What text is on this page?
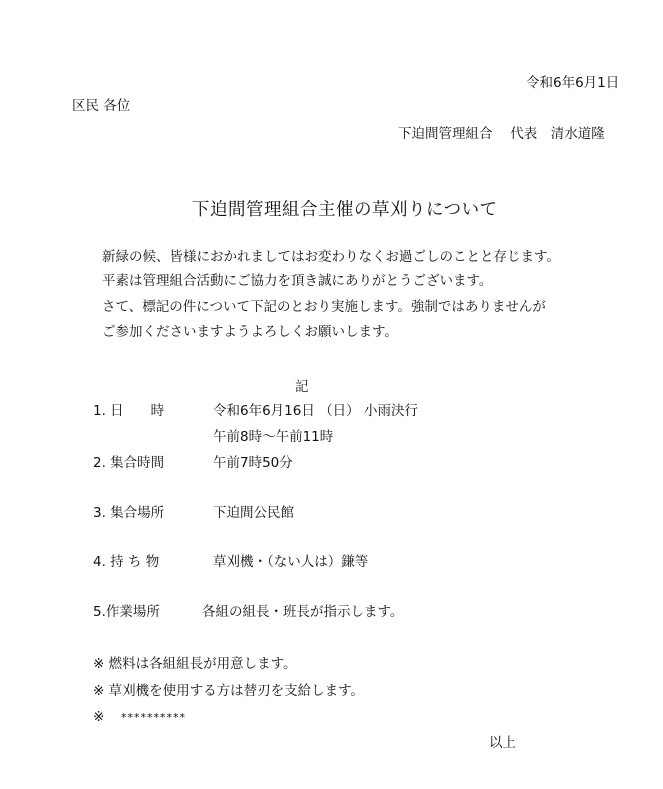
令和6年6月1日
区民 各位
下迫間管理組合　 代表　清水道隆
下迫間管理組合主催の草刈りについて
新緑の候、皆様におかれましてはお変わりなくお過ごしのことと存じます。
平素は管理組合活動にご協力を頂き誠にありがとうございます。
さて、標記の件について下記のとおり実施します。強制ではありませんが
ご参加くださいますようよろしくお願いします。
記
1. 日　　時	令和6年6月16日 （日） 小雨決行
午前8時～午前11時
2. 集合時間	午前7時50分
3. 集合場所	下迫間公民館
4. 持 ち 物	草刈機・（ない人は）鎌等
5.作業場所	各組の組長・班長が指示します。
※ 燃料は各組組長が用意します。
※ 草刈機を使用する方は替刃を支給します。
※ **********
以上
